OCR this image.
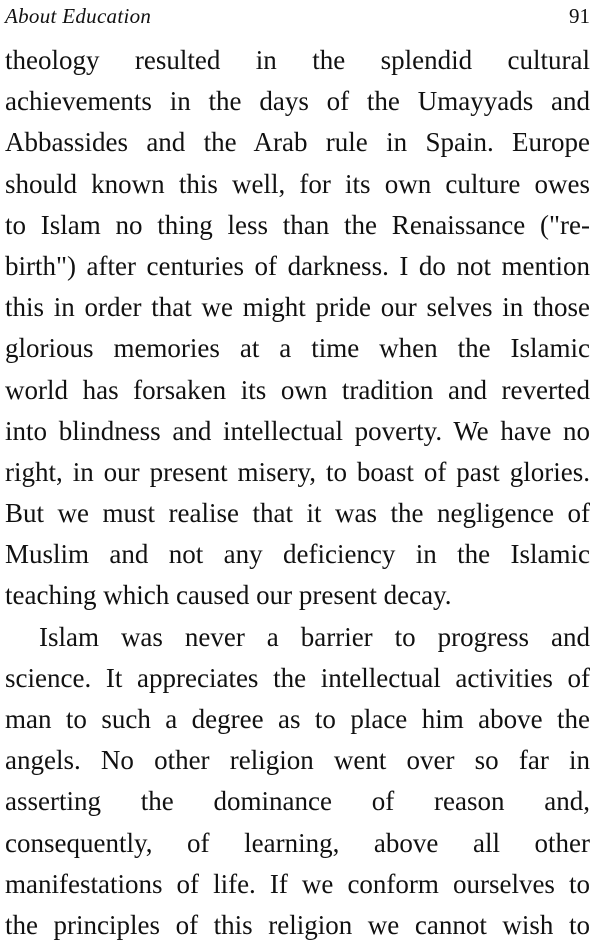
About Education	91
theology resulted in the splendid cultural
achievements in the days of the Umayyads and
Abbassides and the Arab rule in Spain. Europe
should known this well, for its own culture owes
to Islam no thing less than the Renaissance ("re-
birth") after centuries of darkness. I do not mention
this in order that we might pride our selves in those
glorious memories at a time when the Islamic
world has forsaken its own tradition and reverted
into blindness and intellectual poverty. We have no
right, in our present misery, to boast of past glories.
But we must realise that it was the negligence of
Muslim and not any deficiency in the Islamic
teaching which caused our present decay.
Islam was never a barrier to progress and
science. It appreciates the intellectual activities of
man to such a degree as to place him above the
angels. No other religion went over so far in
asserting the dominance of reason and,
consequently, of learning, above all other
manifestations of life. If we conform ourselves to
the principles of this religion we cannot wish to
